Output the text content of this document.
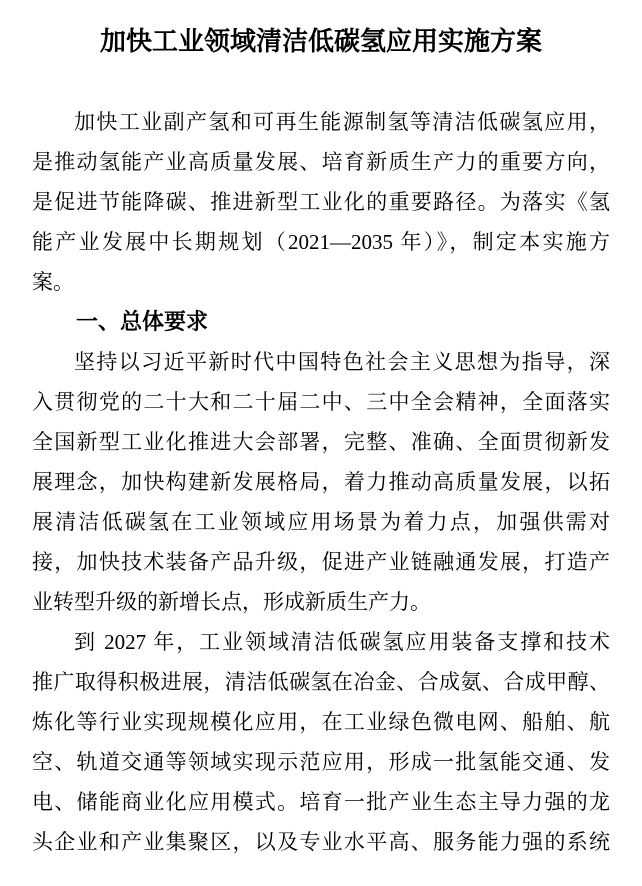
加快工业领域清洁低碳氢应用实施方案
加快工业副产氢和可再生能源制氢等清洁低碳氢应用，
是推动氢能产业高质量发展、培育新质生产力的重要方向，
是促进节能降碳、推进新型工业化的重要路径。为落实《氢
能产业发展中长期规划（2021—2035 年）》，制定本实施方
案。
一、总体要求
坚持以习近平新时代中国特色社会主义思想为指导，深
入贯彻党的二十大和二十届二中、三中全会精神，全面落实
全国新型工业化推进大会部署，完整、准确、全面贯彻新发
展理念，加快构建新发展格局，着力推动高质量发展，以拓
展清洁低碳氢在工业领域应用场景为着力点，加强供需对
接，加快技术装备产品升级，促进产业链融通发展，打造产
业转型升级的新增长点，形成新质生产力。
到 2027 年，工业领域清洁低碳氢应用装备支撑和技术
推广取得积极进展，清洁低碳氢在冶金、合成氨、合成甲醇、
炼化等行业实现规模化应用，在工业绿色微电网、船舶、航
空、轨道交通等领域实现示范应用，形成一批氢能交通、发
电、储能商业化应用模式。培育一批产业生态主导力强的龙
头企业和产业集聚区，以及专业水平高、服务能力强的系统
